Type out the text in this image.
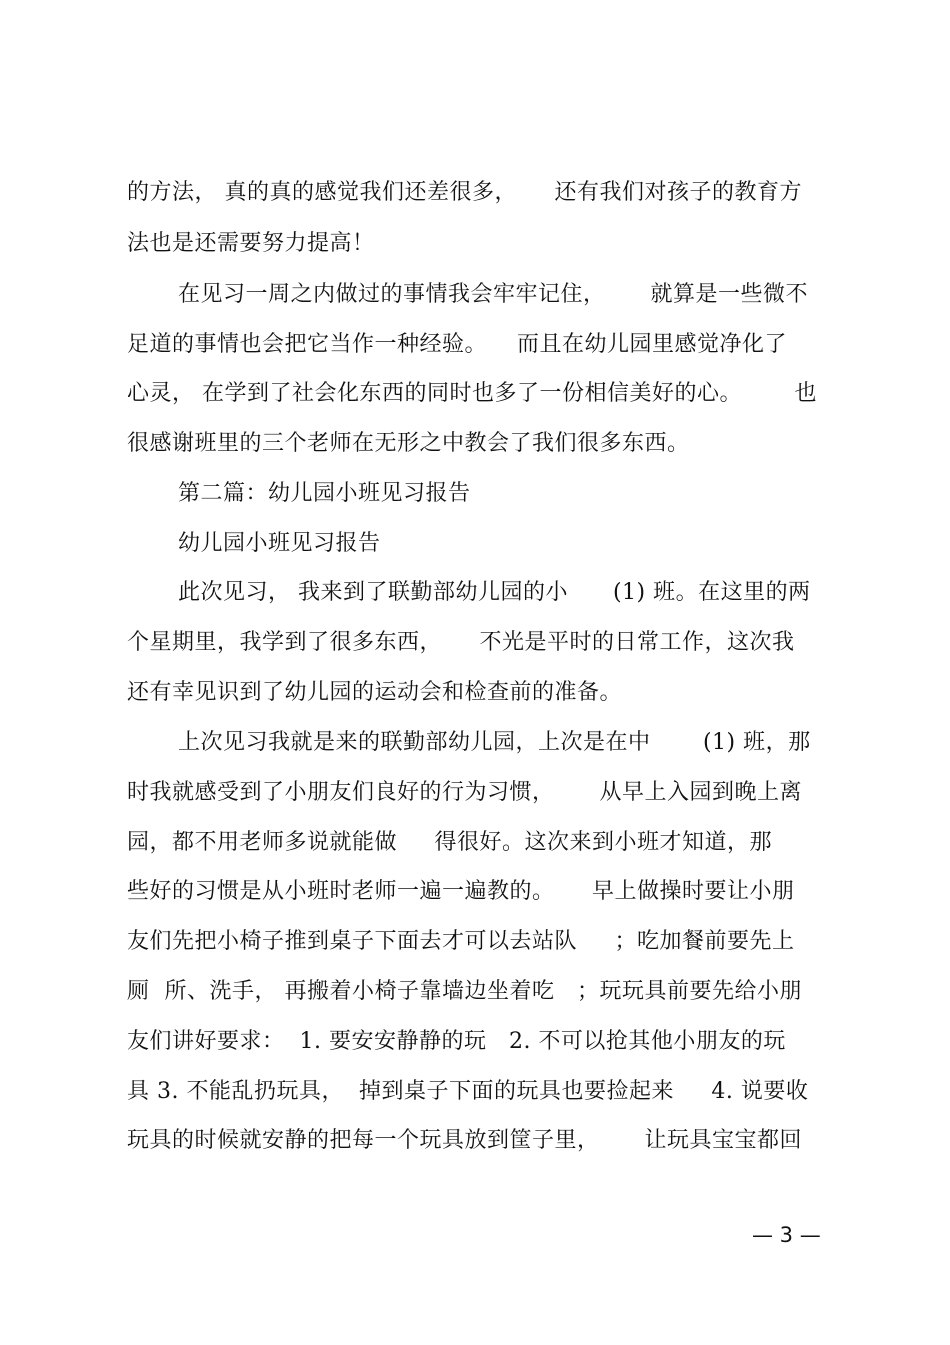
的方法， 真的真的感觉我们还差很多，     还有我们对孩子的教育方
法也是还需要努力提高！
在见习一周之内做过的事情我会牢牢记住，      就算是一些微不
足道的事情也会把它当作一种经验。    而且在幼儿园里感觉净化了
心灵， 在学到了社会化东西的同时也多了一份相信美好的心。       也
很感谢班里的三个老师在无形之中教会了我们很多东西。
第二篇：幼儿园小班见习报告
幼儿园小班见习报告
此次见习， 我来到了联勤部幼儿园的小      (1) 班。在这里的两
个星期里，我学到了很多东西，     不光是平时的日常工作，这次我
还有幸见识到了幼儿园的运动会和检查前的准备。
上次见习我就是来的联勤部幼儿园，上次是在中       (1) 班，那
时我就感受到了小朋友们良好的行为习惯，      从早上入园到晚上离
园，都不用老师多说就能做     得很好。这次来到小班才知道，那
些好的习惯是从小班时老师一遍一遍教的。     早上做操时要让小朋
友们先把小椅子推到桌子下面去才可以去站队     ；吃加餐前要先上
厕  所、洗手， 再搬着小椅子靠墙边坐着吃   ；玩玩具前要先给小朋
友们讲好要求：  1. 要安安静静的玩   2. 不可以抢其他小朋友的玩
具 3. 不能乱扔玩具，  掉到桌子下面的玩具也要捡起来     4. 说要收
玩具的时候就安静的把每一个玩具放到筐子里，      让玩具宝宝都回
— 3 —
